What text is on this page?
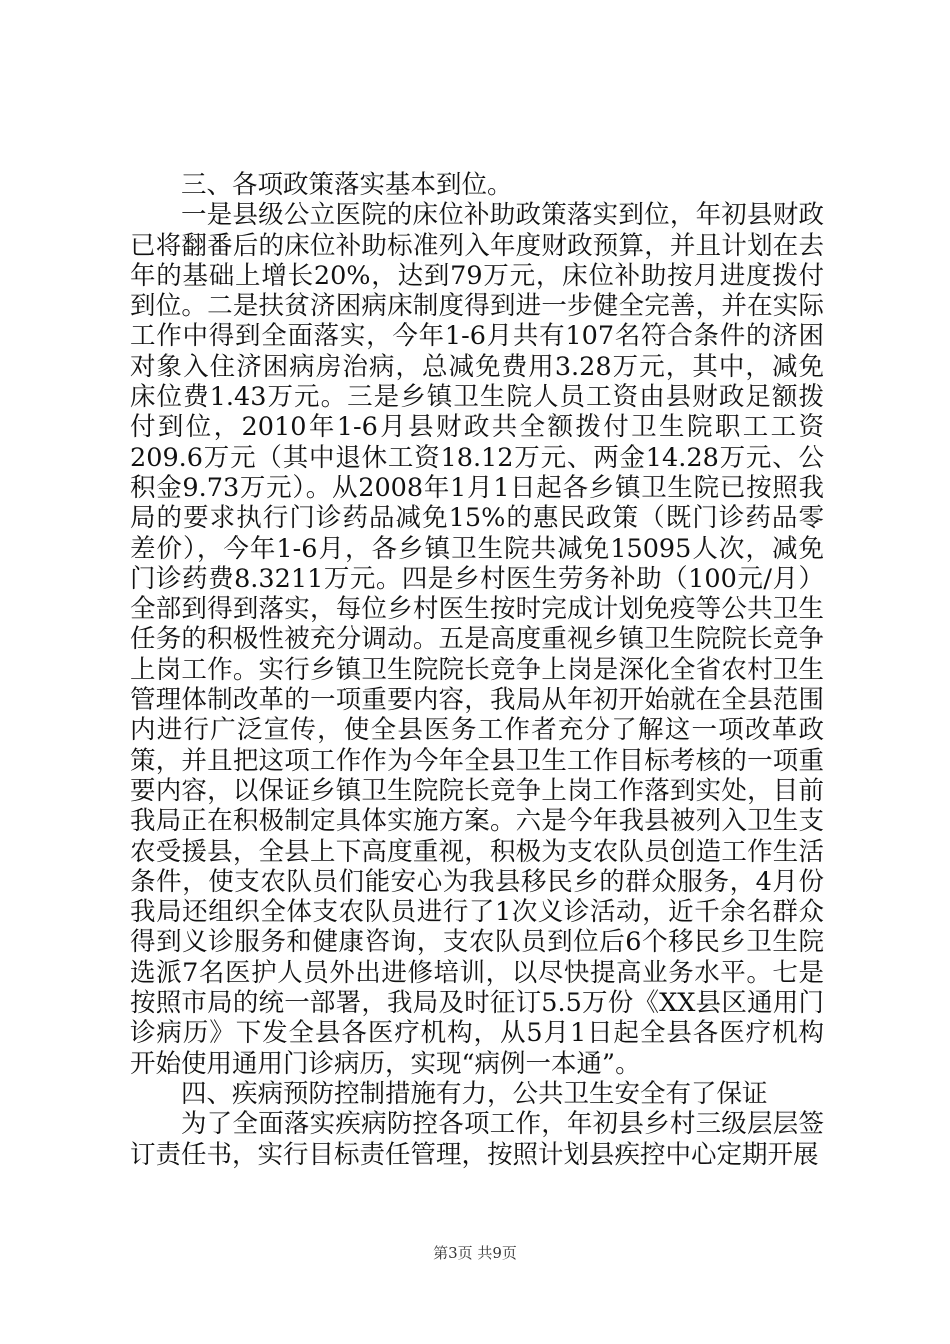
三、各项政策落实基本到位。

一是县级公立医院的床位补助政策落实到位，年初县财政已将翻番后的床位补助标准列入年度财政预算，并且计划在去年的基础上增长20%，达到79万元，床位补助按月进度拨付到位。二是扶贫济困病床制度得到进一步健全完善，并在实际工作中得到全面落实，今年1-6月共有107名符合条件的济困对象入住济困病房治病，总减免费用3.28万元，其中，减免床位费1.43万元。三是乡镇卫生院人员工资由县财政足额拨付到位，2010年1-6月县财政共全额拨付卫生院职工工资209.6万元（其中退休工资18.12万元、两金14.28万元、公积金9.73万元）。从2008年1月1日起各乡镇卫生院已按照我局的要求执行门诊药品减免15%的惠民政策（既门诊药品零差价），今年1-6月，各乡镇卫生院共减免15095人次，减免门诊药费8.3211万元。四是乡村医生劳务补助（100元/月）全部到得到落实，每位乡村医生按时完成计划免疫等公共卫生任务的积极性被充分调动。五是高度重视乡镇卫生院院长竞争上岗工作。实行乡镇卫生院院长竞争上岗是深化全省农村卫生管理体制改革的一项重要内容，我局从年初开始就在全县范围内进行广泛宣传，使全县医务工作者充分了解这一项改革政策，并且把这项工作作为今年全县卫生工作目标考核的一项重要内容，以保证乡镇卫生院院长竞争上岗工作落到实处，目前我局正在积极制定具体实施方案。六是今年我县被列入卫生支农受援县，全县上下高度重视，积极为支农队员创造工作生活条件，使支农队员们能安心为我县移民乡的群众服务，4月份我局还组织全体支农队员进行了1次义诊活动，近千余名群众得到义诊服务和健康咨询，支农队员到位后6个移民乡卫生院选派7名医护人员外出进修培训，以尽快提高业务水平。七是按照市局的统一部署，我局及时征订5.5万份《XX县区通用门诊病历》下发全县各医疗机构，从5月1日起全县各医疗机构开始使用通用门诊病历，实现“病例一本通”。

四、疾病预防控制措施有力，公共卫生安全有了保证

为了全面落实疾病防控各项工作，年初县乡村三级层层签订责任书，实行目标责任管理，按照计划县疾控中心定期开展

第3页 共9页
